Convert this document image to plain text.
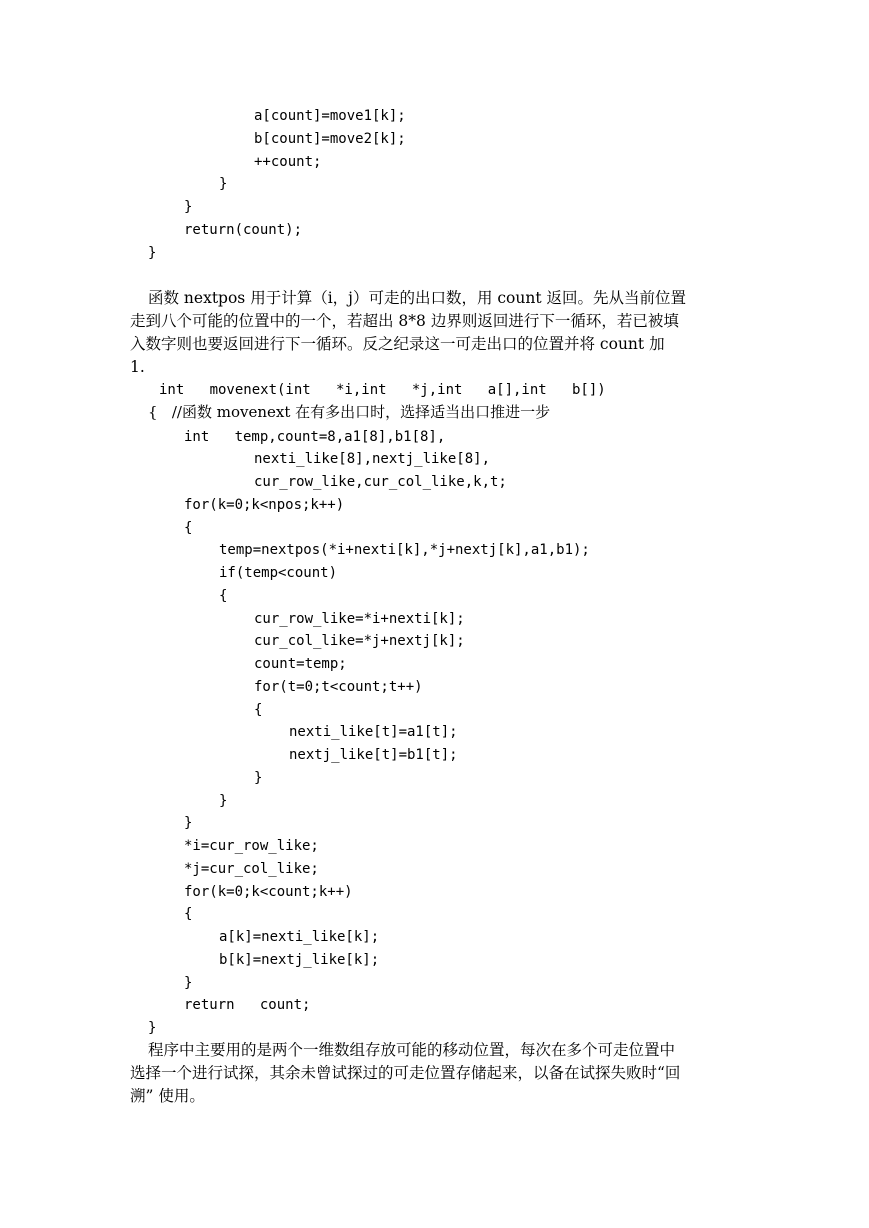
a[count]=move1[k];
b[count]=move2[k];
++count;
}
}
return(count);
}
函数 nextpos 用于计算（i，j）可走的出口数，用 count 返回。先从当前位置
走到八个可能的位置中的一个，若超出 8*8 边界则返回进行下一循环，若已被填
入数字则也要返回进行下一循环。反之纪录这一可走出口的位置并将 count 加
1.
int   movenext(int   *i,int   *j,int   a[],int   b[])
{   //函数 movenext 在有多出口时，选择适当出口推进一步
int   temp,count=8,a1[8],b1[8],
nexti_like[8],nextj_like[8],
cur_row_like,cur_col_like,k,t;
for(k=0;k<npos;k++)
{
temp=nextpos(*i+nexti[k],*j+nextj[k],a1,b1);
if(temp<count)
{
cur_row_like=*i+nexti[k];
cur_col_like=*j+nextj[k];
count=temp;
for(t=0;t<count;t++)
{
nexti_like[t]=a1[t];
nextj_like[t]=b1[t];
}
}
}
*i=cur_row_like;
*j=cur_col_like;
for(k=0;k<count;k++)
{
a[k]=nexti_like[k];
b[k]=nextj_like[k];
}
return   count;
}
程序中主要用的是两个一维数组存放可能的移动位置，每次在多个可走位置中
选择一个进行试探，其余未曾试探过的可走位置存储起来，以备在试探失败时“回
溯” 使用。
